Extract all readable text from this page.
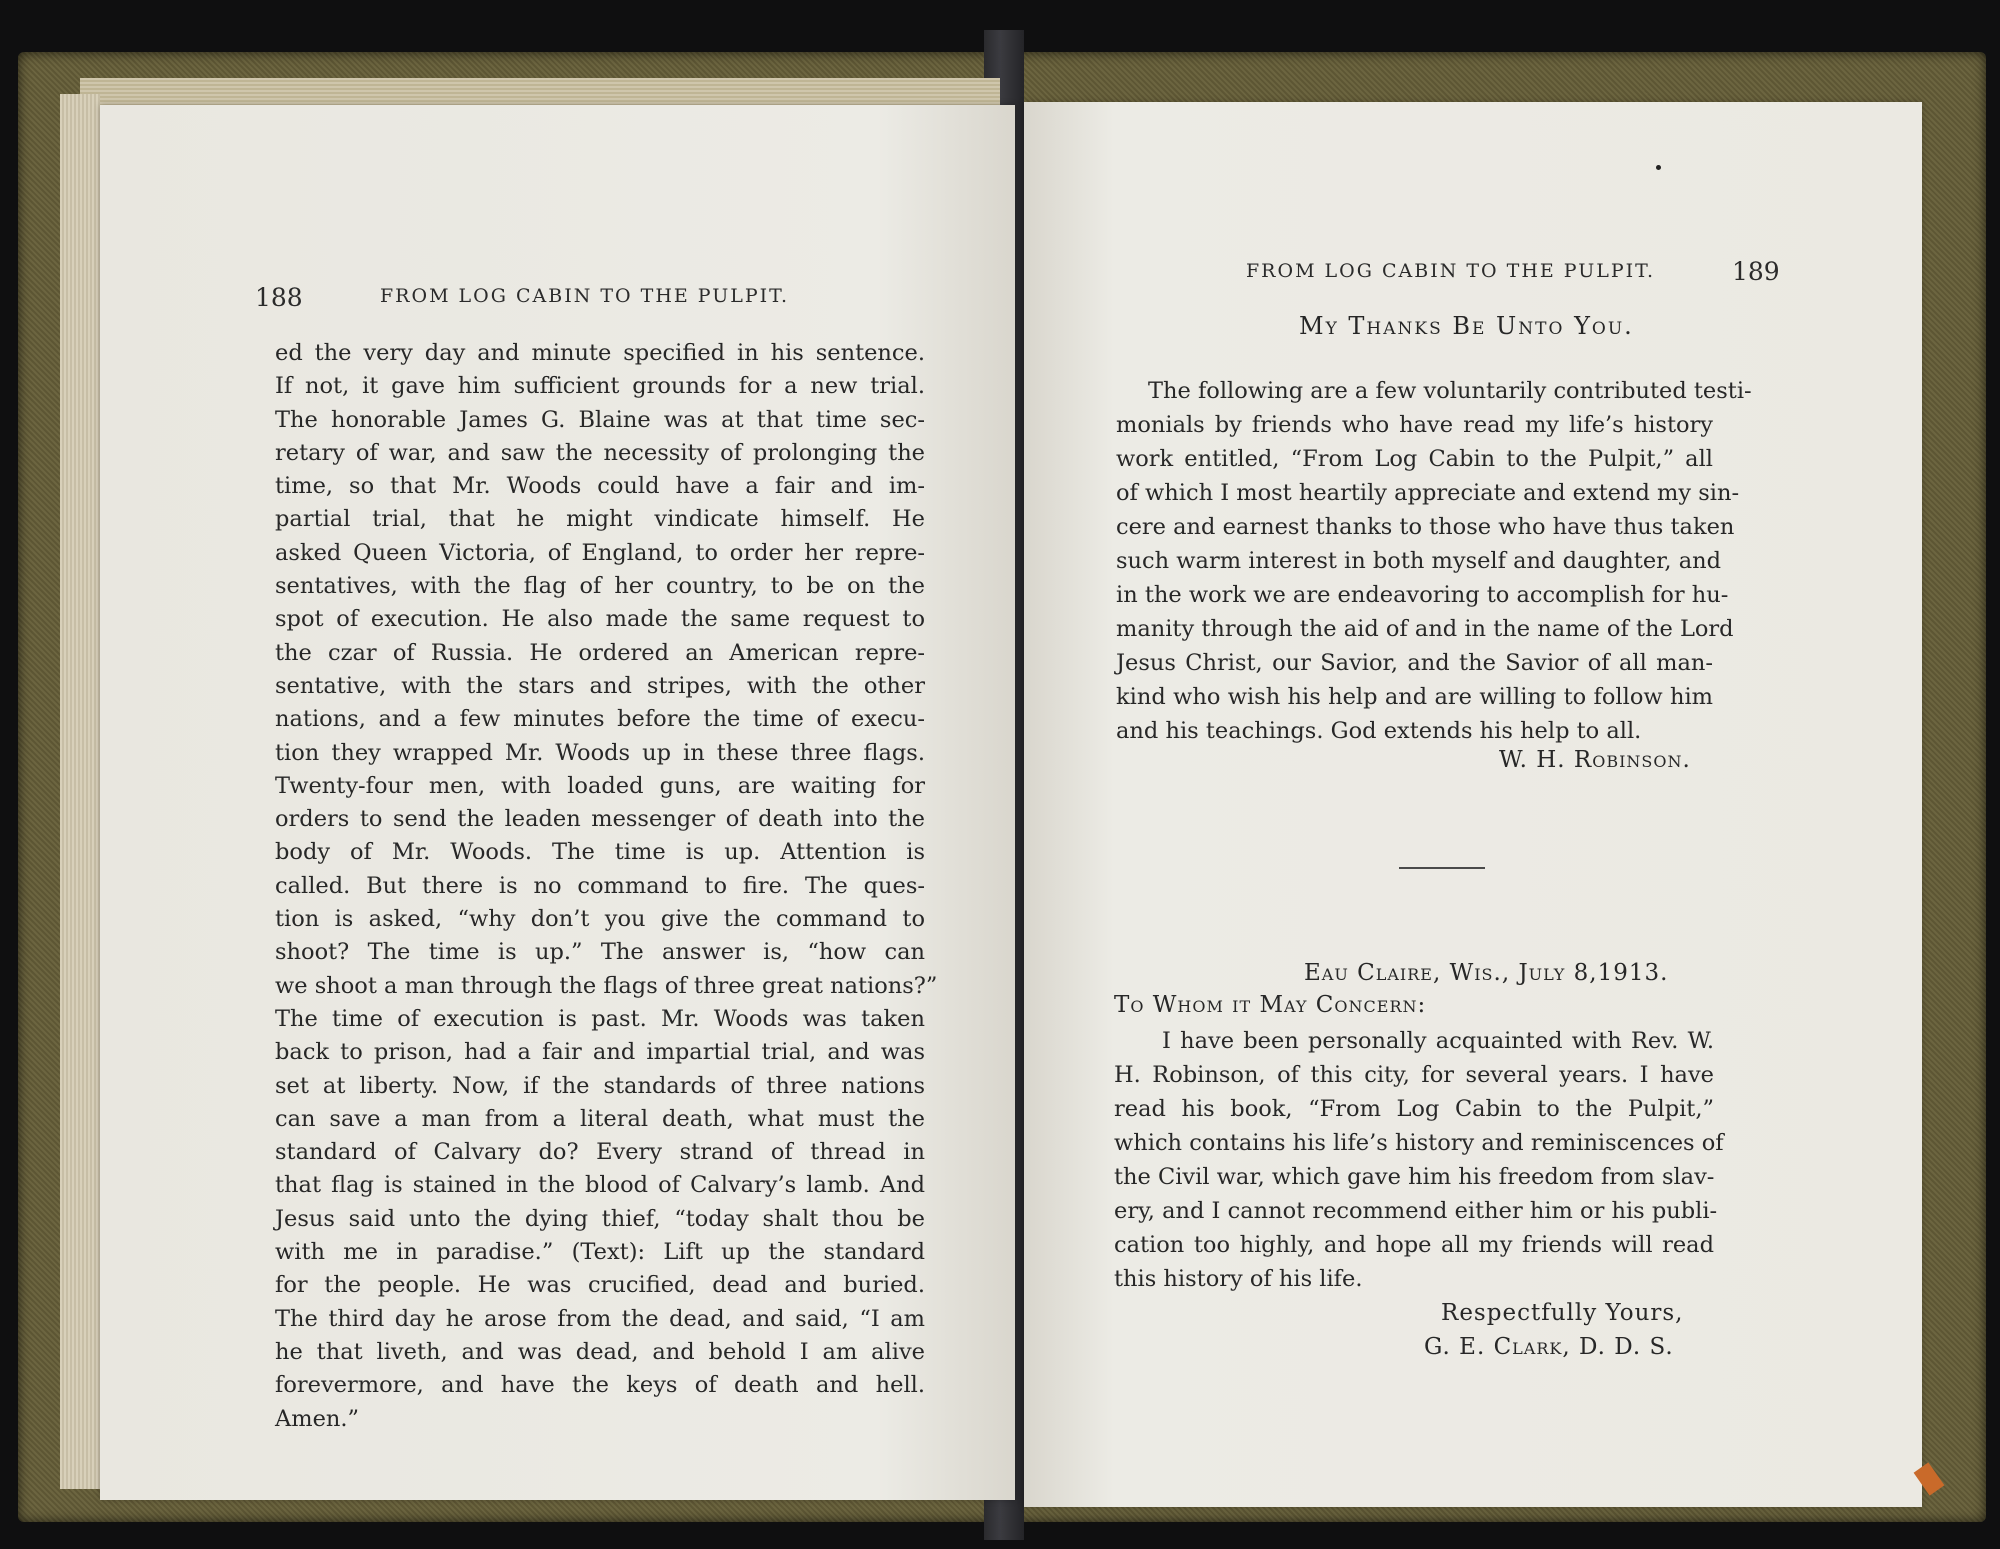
188	FROM LOG CABIN TO THE PULPIT.
ed the very day and minute specified in his sentence.
If not, it gave him sufficient grounds for a new trial.
The honorable James G. Blaine was at that time sec-
retary of war, and saw the necessity of prolonging the
time, so that Mr. Woods could have a fair and im-
partial trial, that he might vindicate himself. He
asked Queen Victoria, of England, to order her repre-
sentatives, with the flag of her country, to be on the
spot of execution. He also made the same request to
the czar of Russia. He ordered an American repre-
sentative, with the stars and stripes, with the other
nations, and a few minutes before the time of execu-
tion they wrapped Mr. Woods up in these three flags.
Twenty-four men, with loaded guns, are waiting for
orders to send the leaden messenger of death into the
body of Mr. Woods. The time is up. Attention is
called. But there is no command to fire. The ques-
tion is asked, “why don’t you give the command to
shoot? The time is up.” The answer is, “how can
we shoot a man through the flags of three great nations?”
The time of execution is past. Mr. Woods was taken
back to prison, had a fair and impartial trial, and was
set at liberty. Now, if the standards of three nations
can save a man from a literal death, what must the
standard of Calvary do? Every strand of thread in
that flag is stained in the blood of Calvary’s lamb. And
Jesus said unto the dying thief, “today shalt thou be
with me in paradise.” (Text): Lift up the standard
for the people. He was crucified, dead and buried.
The third day he arose from the dead, and said, “I am
he that liveth, and was dead, and behold I am alive
forevermore, and have the keys of death and hell.
Amen.”
FROM LOG CABIN TO THE PULPIT.	189
My Thanks Be Unto You.
The following are a few voluntarily contributed testi-
monials by friends who have read my life’s history
work entitled, “From Log Cabin to the Pulpit,” all
of which I most heartily appreciate and extend my sin-
cere and earnest thanks to those who have thus taken
such warm interest in both myself and daughter, and
in the work we are endeavoring to accomplish for hu-
manity through the aid of and in the name of the Lord
Jesus Christ, our Savior, and the Savior of all man-
kind who wish his help and are willing to follow him
and his teachings. God extends his help to all.
W. H. Robinson.
Eau Claire, Wis., July 8,1913.
To Whom it May Concern:
I have been personally acquainted with Rev. W.
H. Robinson, of this city, for several years. I have
read his book, “From Log Cabin to the Pulpit,”
which contains his life’s history and reminiscences of
the Civil war, which gave him his freedom from slav-
ery, and I cannot recommend either him or his publi-
cation too highly, and hope all my friends will read
this history of his life.
Respectfully Yours,
G. E. Clark, D. D. S.
